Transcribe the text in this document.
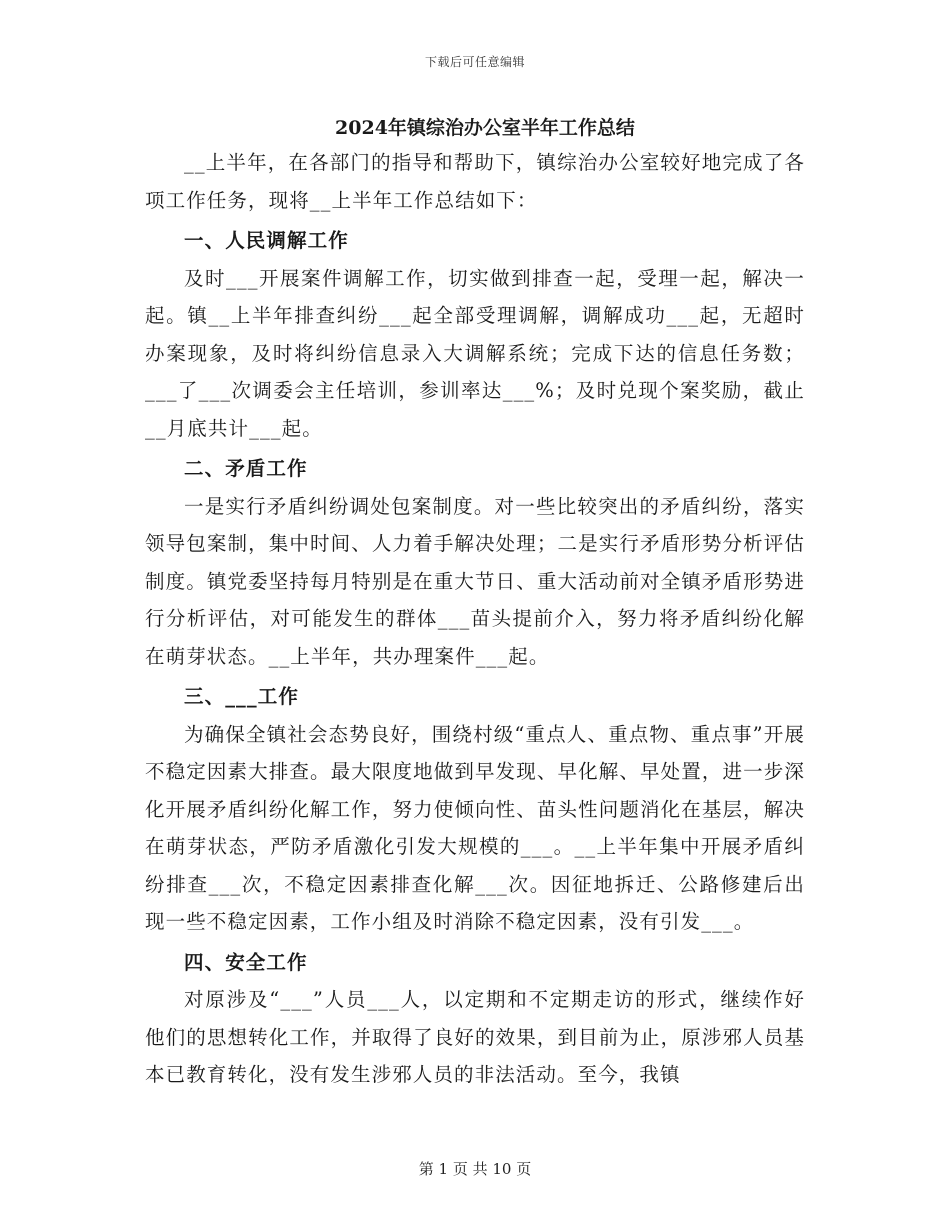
下载后可任意编辑
2024年镇综治办公室半年工作总结

__上半年，在各部门的指导和帮助下，镇综治办公室较好地完成了各项工作任务，现将__上半年工作总结如下：

一、人民调解工作

及时___开展案件调解工作，切实做到排查一起，受理一起，解决一起。镇__上半年排查纠纷___起全部受理调解，调解成功___起，无超时办案现象，及时将纠纷信息录入大调解系统；完成下达的信息任务数；___了___次调委会主任培训，参训率达___%；及时兑现个案奖励，截止__月底共计___起。

二、矛盾工作

一是实行矛盾纠纷调处包案制度。对一些比较突出的矛盾纠纷，落实领导包案制，集中时间、人力着手解决处理；二是实行矛盾形势分析评估制度。镇党委坚持每月特别是在重大节日、重大活动前对全镇矛盾形势进行分析评估，对可能发生的群体___苗头提前介入，努力将矛盾纠纷化解在萌芽状态。__上半年，共办理案件___起。

三、___工作

为确保全镇社会态势良好，围绕村级“重点人、重点物、重点事”开展不稳定因素大排查。最大限度地做到早发现、早化解、早处置，进一步深化开展矛盾纠纷化解工作，努力使倾向性、苗头性问题消化在基层，解决在萌芽状态，严防矛盾激化引发大规模的___。__上半年集中开展矛盾纠纷排查___次，不稳定因素排查化解___次。因征地拆迁、公路修建后出现一些不稳定因素，工作小组及时消除不稳定因素，没有引发___。

四、安全工作

对原涉及“___”人员___人，以定期和不定期走访的形式，继续作好他们的思想转化工作，并取得了良好的效果，到目前为止，原涉邪人员基本已教育转化，没有发生涉邪人员的非法活动。至今，我镇

第 1 页 共 10 页
